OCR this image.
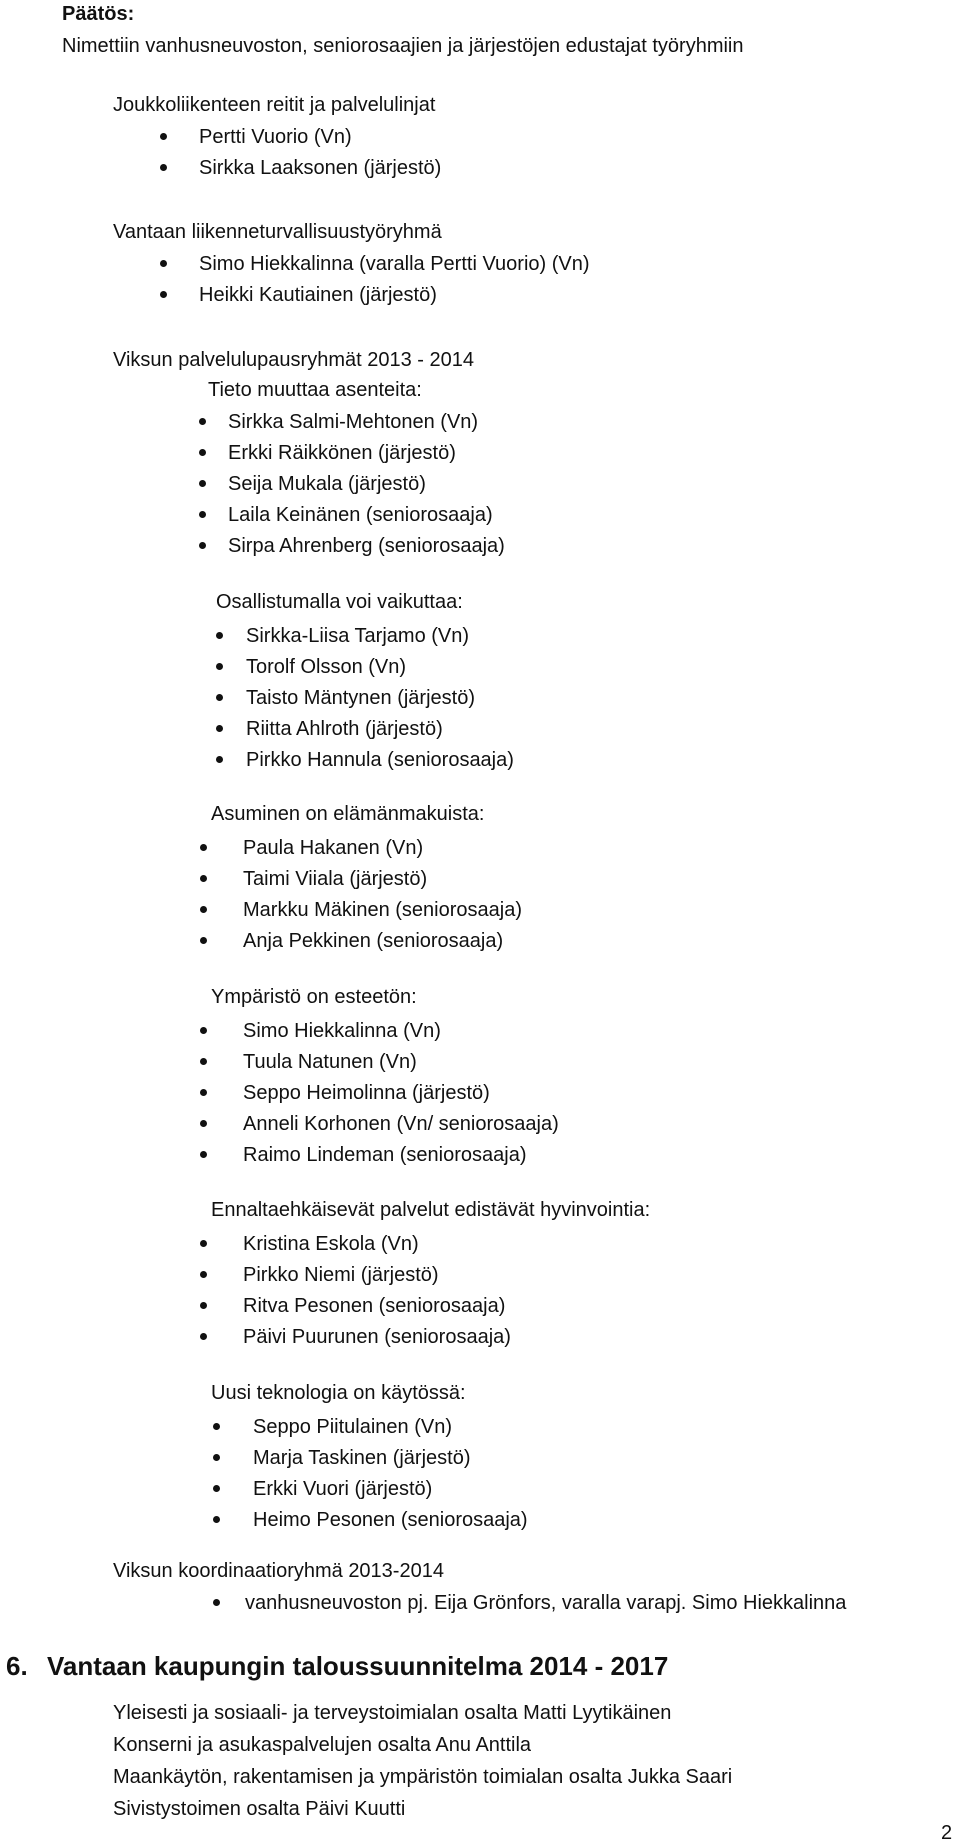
Päätös:
Nimettiin vanhusneuvoston, seniorosaajien ja järjestöjen edustajat työryhmiin
Joukkoliikenteen reitit ja palvelulinjat
Pertti Vuorio (Vn)
Sirkka Laaksonen (järjestö)
Vantaan liikenneturvallisuustyöryhmä
Simo Hiekkalinna (varalla Pertti Vuorio) (Vn)
Heikki Kautiainen (järjestö)
Viksun palvelulupausryhmät 2013 - 2014
Tieto muuttaa asenteita:
Sirkka Salmi-Mehtonen (Vn)
Erkki Räikkönen (järjestö)
Seija Mukala (järjestö)
Laila Keinänen (seniorosaaja)
Sirpa Ahrenberg (seniorosaaja)
Osallistumalla voi vaikuttaa:
Sirkka-Liisa Tarjamo (Vn)
Torolf Olsson (Vn)
Taisto Mäntynen (järjestö)
Riitta Ahlroth (järjestö)
Pirkko Hannula (seniorosaaja)
Asuminen on elämänmakuista:
Paula Hakanen (Vn)
Taimi Viiala (järjestö)
Markku Mäkinen (seniorosaaja)
Anja Pekkinen (seniorosaaja)
Ympäristö on esteetön:
Simo Hiekkalinna (Vn)
Tuula Natunen (Vn)
Seppo Heimolinna (järjestö)
Anneli Korhonen (Vn/ seniorosaaja)
Raimo Lindeman (seniorosaaja)
Ennaltaehkäisevät palvelut edistävät hyvinvointia:
Kristina Eskola (Vn)
Pirkko Niemi (järjestö)
Ritva Pesonen (seniorosaaja)
Päivi Puurunen (seniorosaaja)
Uusi teknologia on käytössä:
Seppo Piitulainen (Vn)
Marja Taskinen (järjestö)
Erkki Vuori (järjestö)
Heimo Pesonen (seniorosaaja)
Viksun koordinaatioryhmä 2013-2014
vanhusneuvoston pj. Eija Grönfors, varalla varapj. Simo Hiekkalinna
6. Vantaan kaupungin taloussuunnitelma 2014 - 2017
Yleisesti ja sosiaali- ja terveystoimialan osalta Matti Lyytikäinen
Konserni ja asukaspalvelujen osalta Anu Anttila
Maankäytön, rakentamisen ja ympäristön toimialan osalta Jukka Saari
Sivistystoimen osalta Päivi Kuutti
2
